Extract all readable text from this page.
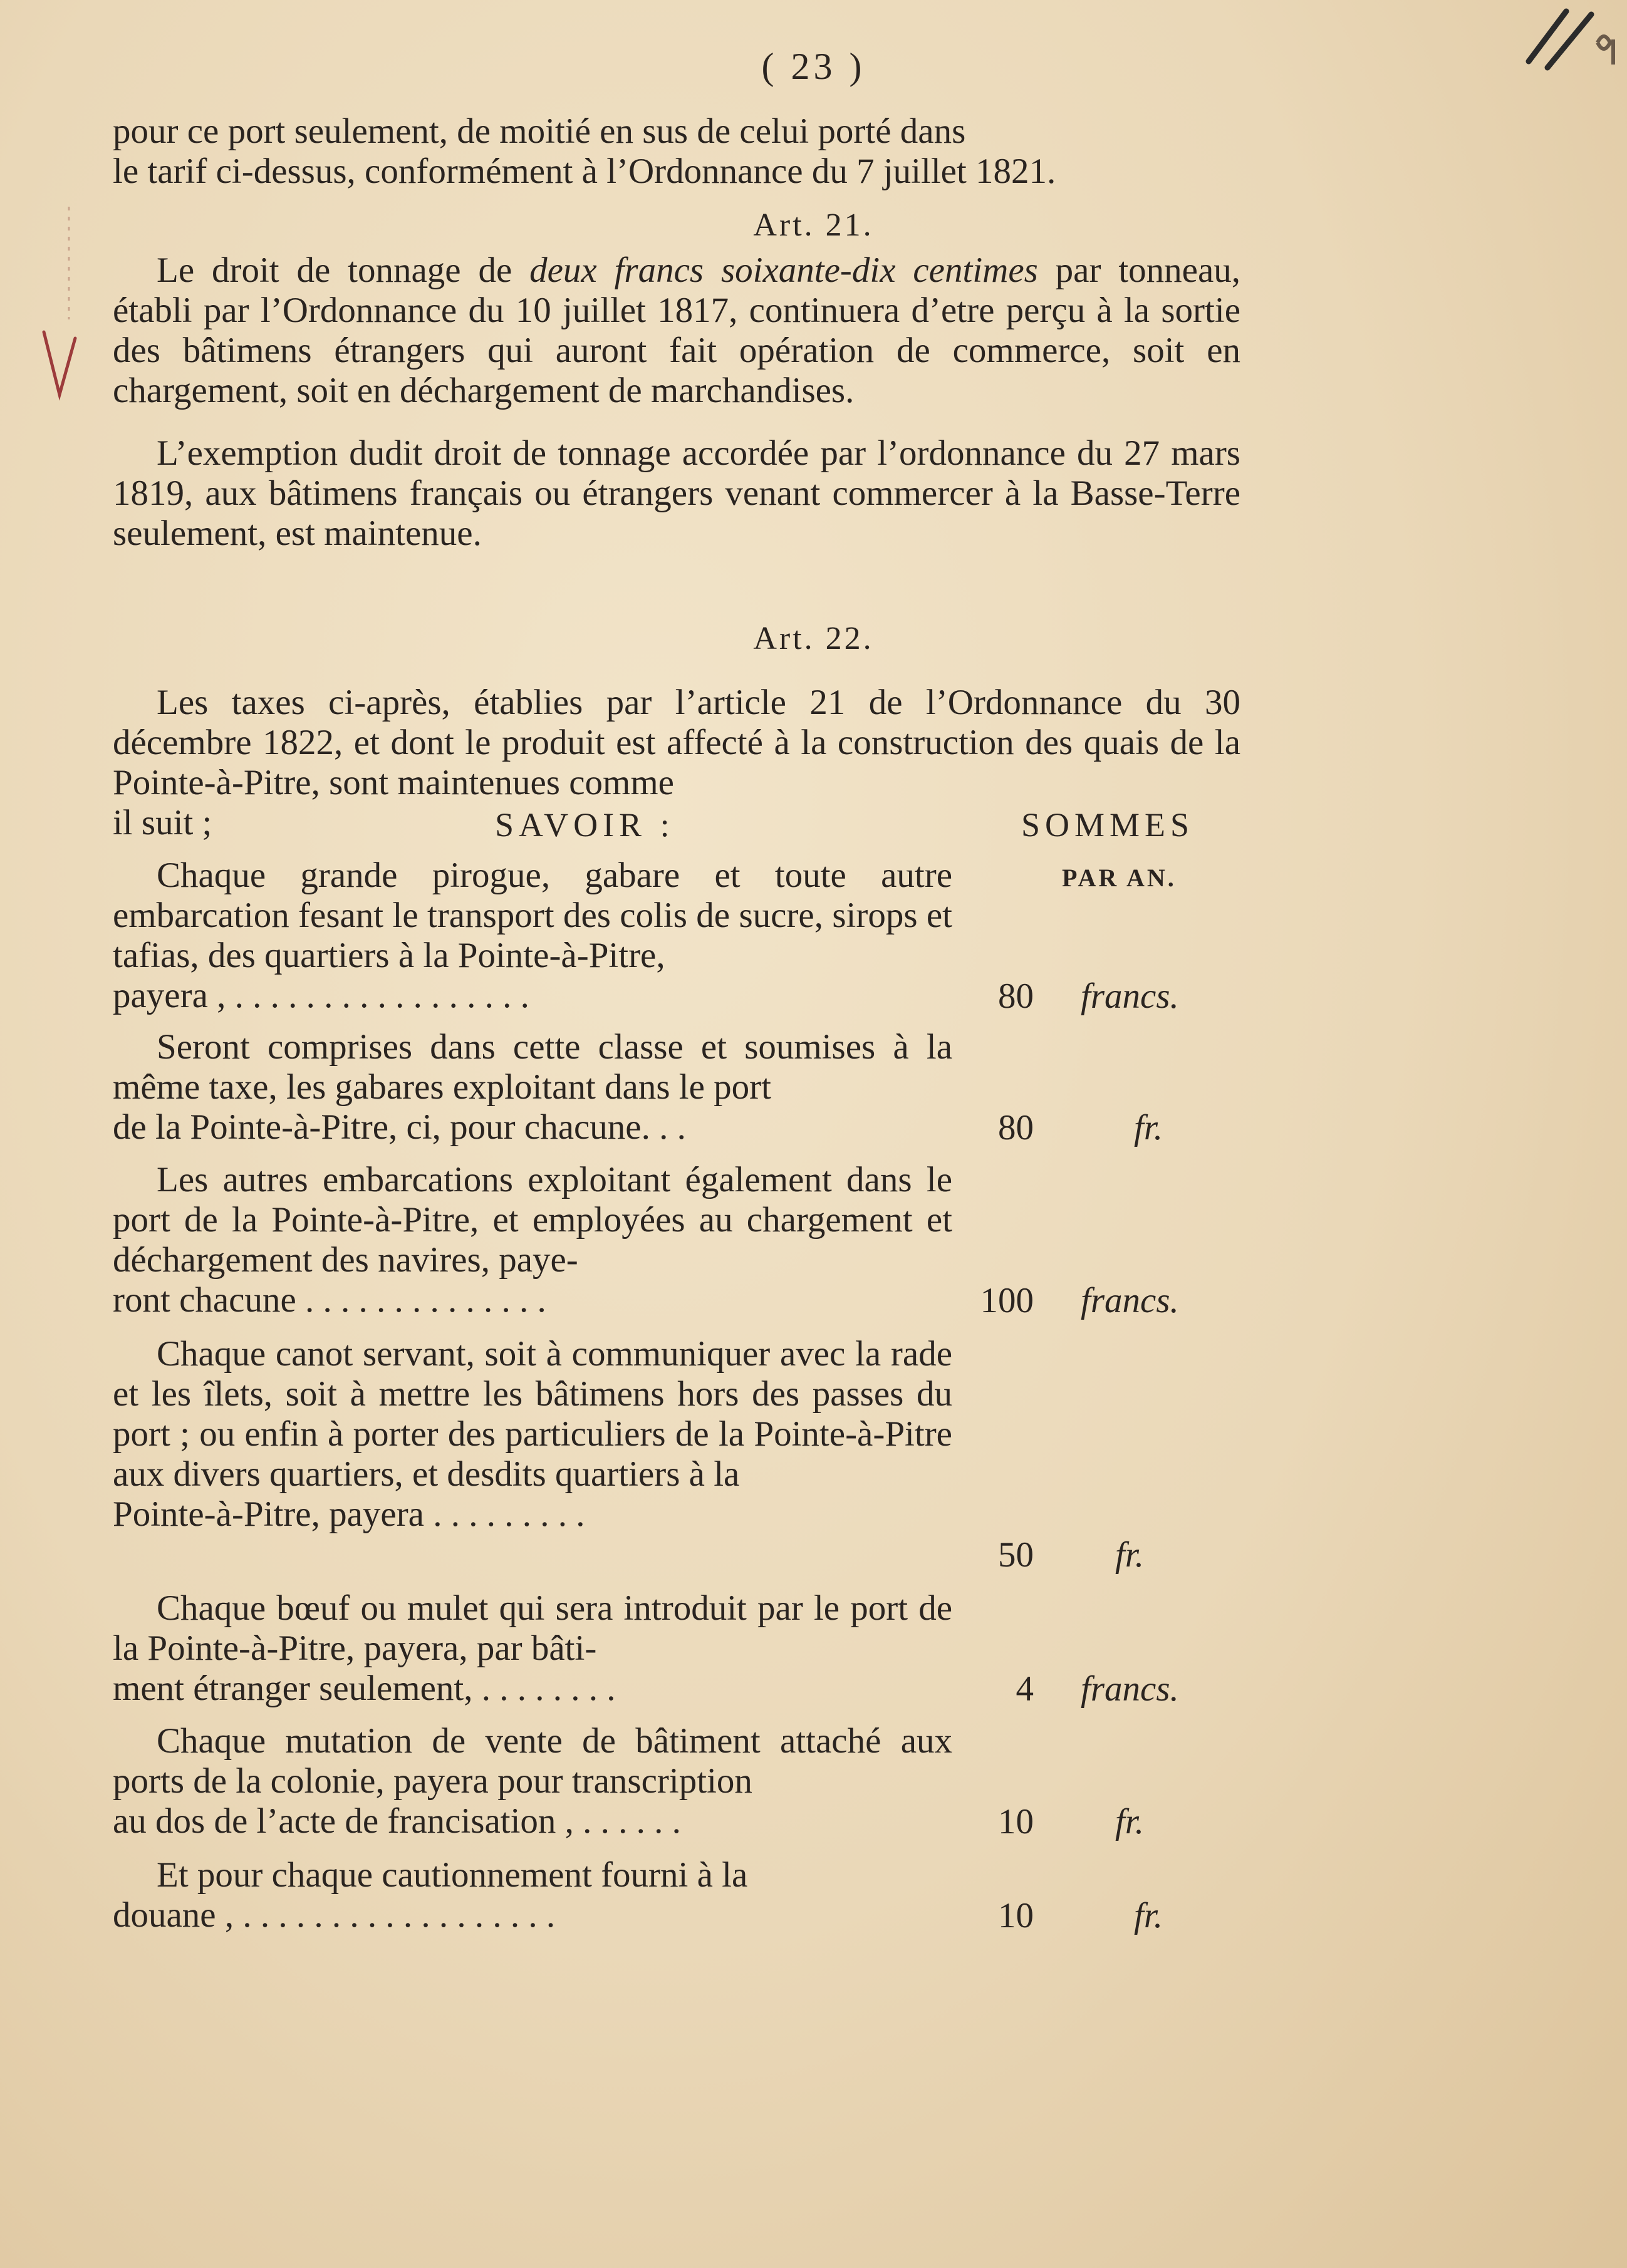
( 23 )

pour ce port seulement, de moitié en sus de celui porté dans

le tarif ci-dessus, conformément à l’Ordonnance du 7 juillet 1821.

Art. 21.

Le droit de tonnage de deux francs soixante-dix centimes par tonneau, établi par l’Ordonnance du 10 juillet 1817, continuera d’etre perçu à la sortie des bâtimens étrangers qui auront fait opération de commerce, soit en chargement, soit en déchargement de marchandises.

L’exemption dudit droit de tonnage accordée par l’ordonnance du 27 mars 1819, aux bâtimens français ou étrangers venant commercer à la Basse-Terre seulement, est maintenue.

Art. 22.

Les taxes ci-après, établies par l’article 21 de l’Ordonnance du 30 décembre 1822, et dont le produit est affecté à la construction des quais de la Pointe-à-Pitre, sont maintenues comme

il suit ;	SAVOIR :	SOMMES
PAR AN.

Chaque grande pirogue, gabare et toute autre embarcation fesant le transport des colis de sucre, sirops et tafias, des quartiers à la Pointe-à-Pitre,

payera , . . . . . . . . . . . . . . . . .	80 francs.

Seront comprises dans cette classe et soumises à la même taxe, les gabares exploitant dans le port

de la Pointe-à-Pitre, ci, pour chacune. . .	80	fr.

Les autres embarcations exploitant également dans le port de la Pointe-à-Pitre, et employées au chargement et déchargement des navires, paye-

ront chacune . . . . . . . . . . . . . .	100 francs.

Chaque canot servant, soit à communiquer avec la rade et les îlets, soit à mettre les bâtimens hors des passes du port ; ou enfin à porter des particuliers de la Pointe-à-Pitre aux divers quartiers, et desdits quartiers à la

Pointe-à-Pitre, payera . . . . . . . . .

50 fr.

Chaque bœuf ou mulet qui sera introduit par le port de la Pointe-à-Pitre, payera, par bâti-

ment étranger seulement, . . . . . . . .	4 francs.

Chaque mutation de vente de bâtiment attaché aux ports de la colonie, payera pour transcription

au dos de l’acte de francisation , . . . . . .	10 fr.

Et pour chaque cautionnement fourni à la

douane , . . . . . . . . . . . . . . . . . .	10	fr.
